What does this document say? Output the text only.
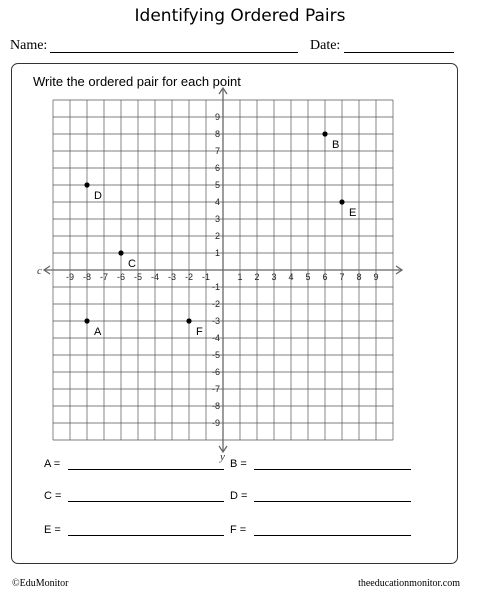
Identifying Ordered Pairs
Name:	Date:
Write the ordered pair for each point
c
y
-9 -8 -7 -6 -5 -4 -3 -2 -1	1 2 3 4 5 6 7 8 9
9
8
7
6
5
4
3
2
1
-1
-2
-3
-4
-5
-6
-7
-8
-9
A
B
C
D
E
F
A =	B =
C =	D =
E =	F =
©EduMonitor	theeducationmonitor.com
